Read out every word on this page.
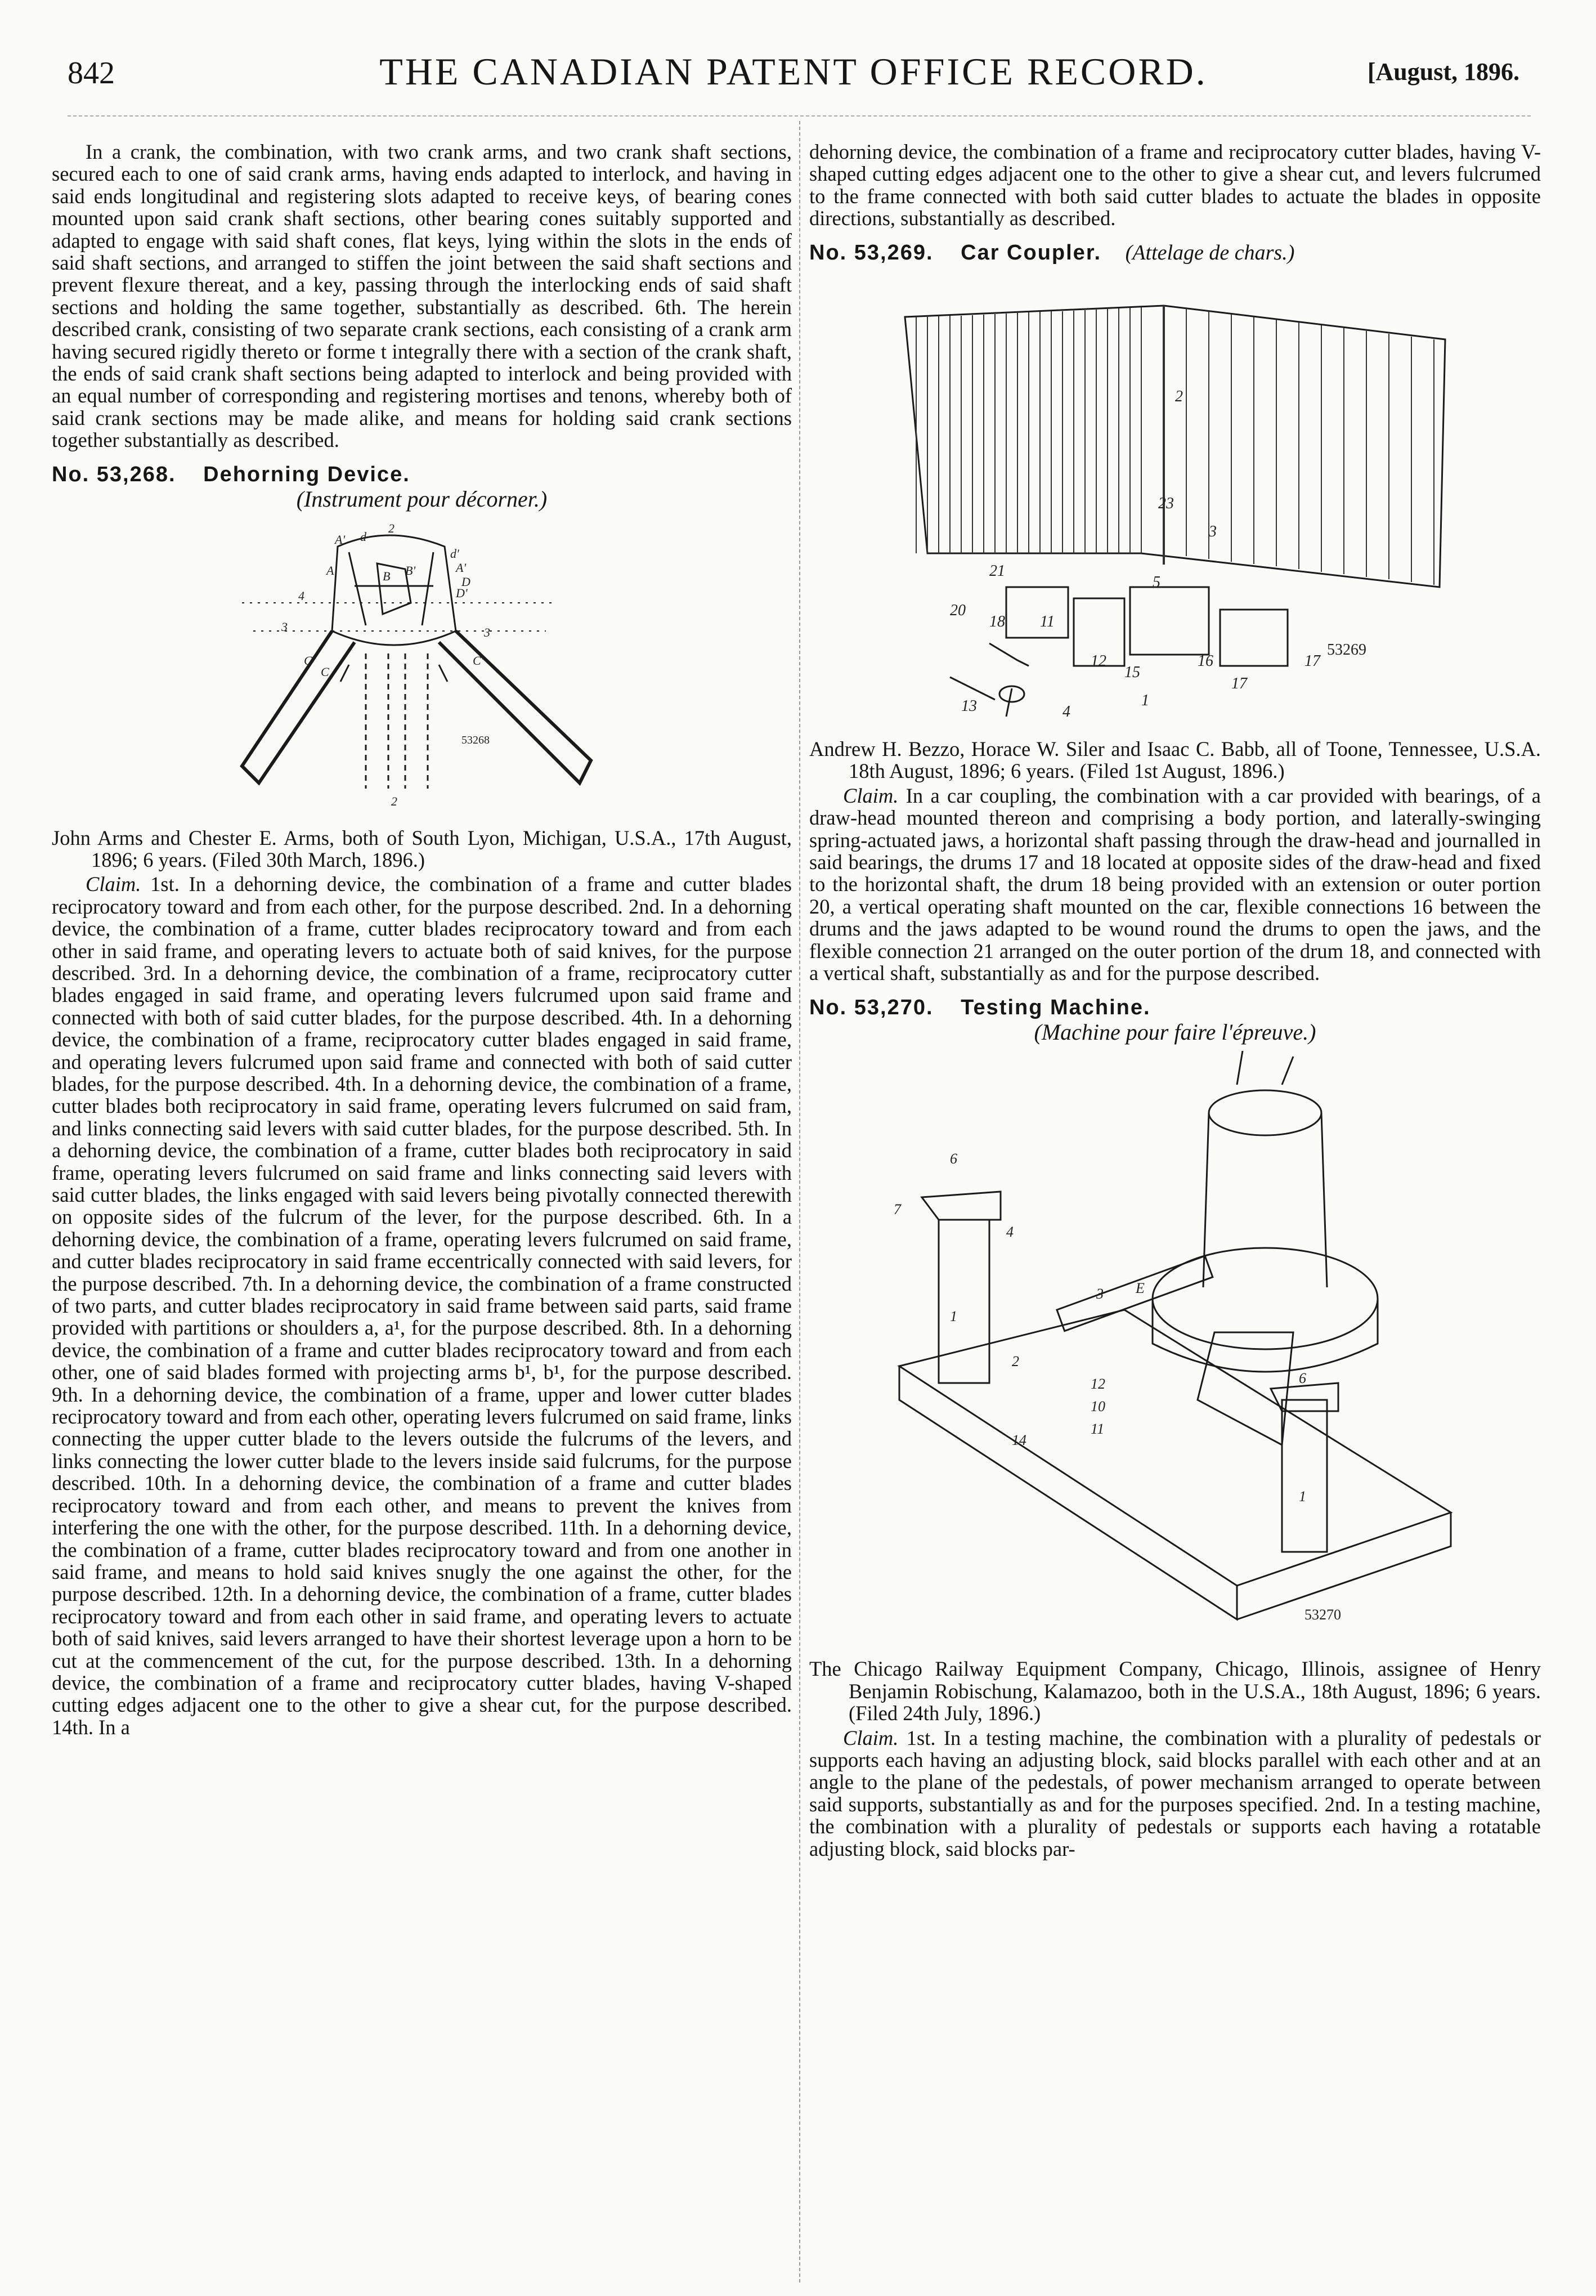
842	THE CANADIAN PATENT OFFICE RECORD.	[August, 1896.

In a crank, the combination, with two crank arms, and two crank shaft sections, secured each to one of said crank arms, having ends adapted to interlock, and having in said ends longitudinal and registering slots adapted to receive keys, of bearing cones mounted upon said crank shaft sections, other bearing cones suitably supported and adapted to engage with said shaft cones, flat keys, lying within the slots in the ends of said shaft sections, and arranged to stiffen the joint between the said shaft sections and prevent flexure thereat, and a key, passing through the interlocking ends of said shaft sections and holding the same together, substantially as described. 6th. The herein described crank, consisting of two separate crank sections, each consisting of a crank arm having secured rigidly thereto or forme t integrally there with a section of the crank shaft, the ends of said crank shaft sections being adapted to interlock and being provided with an equal number of corresponding and registering mortises and tenons, whereby both of said crank sections may be made alike, and means for holding said crank sections together substantially as described.

No. 53,268. Dehorning Device.
(Instrument pour décorner.)
A'
2
d
A
d'
B B'
4
A'
D'
D
3	3
C	C'
C
2
53268

John Arms and Chester E. Arms, both of South Lyon, Michigan, U.S.A., 17th August, 1896; 6 years. (Filed 30th March, 1896.)

Claim. 1st. In a dehorning device, the combination of a frame and cutter blades reciprocatory toward and from each other, for the purpose described. 2nd. In a dehorning device, the combination of a frame, cutter blades reciprocatory toward and from each other in said frame, and operating levers to actuate both of said knives, for the purpose described. 3rd. In a dehorning device, the combination of a frame, reciprocatory cutter blades engaged in said frame, and operating levers fulcrumed upon said frame and connected with both of said cutter blades, for the purpose described. 4th. In a dehorning device, the combination of a frame, reciprocatory cutter blades engaged in said frame, and operating levers fulcrumed upon said frame and connected with both of said cutter blades, for the purpose described. 4th. In a dehorning device, the combination of a frame, cutter blades both reciprocatory in said frame, operating levers fulcrumed on said fram, and links connecting said levers with said cutter blades, for the purpose described. 5th. In a dehorning device, the combination of a frame, cutter blades both reciprocatory in said frame, operating levers fulcrumed on said frame and links connecting said levers with said cutter blades, the links engaged with said levers being pivotally connected therewith on opposite sides of the fulcrum of the lever, for the purpose described. 6th. In a dehorning device, the combination of a frame, operating levers fulcrumed on said frame, and cutter blades reciprocatory in said frame eccentrically connected with said levers, for the purpose described. 7th. In a dehorning device, the combination of a frame constructed of two parts, and cutter blades reciprocatory in said frame between said parts, said frame provided with partitions or shoulders a, a¹, for the purpose described. 8th. In a dehorning device, the combination of a frame and cutter blades reciprocatory toward and from each other, one of said blades formed with projecting arms b¹, b¹, for the purpose described. 9th. In a dehorning device, the combination of a frame, upper and lower cutter blades reciprocatory toward and from each other, operating levers fulcrumed on said frame, links connecting the upper cutter blade to the levers outside the fulcrums of the levers, and links connecting the lower cutter blade to the levers inside said fulcrums, for the purpose described. 10th. In a dehorning device, the combination of a frame and cutter blades reciprocatory toward and from each other, and means to prevent the knives from interfering the one with the other, for the purpose described. 11th. In a dehorning device, the combination of a frame, cutter blades reciprocatory toward and from one another in said frame, and means to hold said knives snugly the one against the other, for the purpose described. 12th. In a dehorning device, the combination of a frame, cutter blades reciprocatory toward and from each other in said frame, and operating levers to actuate both of said knives, said levers arranged to have their shortest leverage upon a horn to be cut at the commencement of the cut, for the purpose described. 13th. In a dehorning device, the combination of a frame and reciprocatory cutter blades, having V-shaped cutting edges adjacent one to the other to give a shear cut, for the purpose described. 14th. In a

dehorning device, the combination of a frame and reciprocatory cutter blades, having V-shaped cutting edges adjacent one to the other to give a shear cut, and levers fulcrumed to the frame connected with both said cutter blades to actuate the blades in opposite directions, substantially as described.

No. 53,269. Car Coupler. (Attelage de chars.)
2
23
3
21
20
5
18 11
12
15
16
17
17
13	4
1
53269

Andrew H. Bezzo, Horace W. Siler and Isaac C. Babb, all of Toone, Tennessee, U.S.A. 18th August, 1896; 6 years. (Filed 1st August, 1896.)

Claim. In a car coupling, the combination with a car provided with bearings, of a draw-head mounted thereon and comprising a body portion, and laterally-swinging spring-actuated jaws, a horizontal shaft passing through the draw-head and journalled in said bearings, the drums 17 and 18 located at opposite sides of the draw-head and fixed to the horizontal shaft, the drum 18 being provided with an extension or outer portion 20, a vertical operating shaft mounted on the car, flexible connections 16 between the drums and the jaws adapted to be wound round the drums to open the jaws, and the flexible connection 21 arranged on the outer portion of the drum 18, and connected with a vertical shaft, substantially as and for the purpose described.

No. 53,270. Testing Machine.
(Machine pour faire l'épreuve.)
6
7
4
2
1
3 E
12
10
11
14
6
1
53270

The Chicago Railway Equipment Company, Chicago, Illinois, assignee of Henry Benjamin Robischung, Kalamazoo, both in the U.S.A., 18th August, 1896; 6 years. (Filed 24th July, 1896.)

Claim. 1st. In a testing machine, the combination with a plurality of pedestals or supports each having an adjusting block, said blocks parallel with each other and at an angle to the plane of the pedestals, of power mechanism arranged to operate between said supports, substantially as and for the purposes specified. 2nd. In a testing machine, the combination with a plurality of pedestals or supports each having a rotatable adjusting block, said blocks par-
